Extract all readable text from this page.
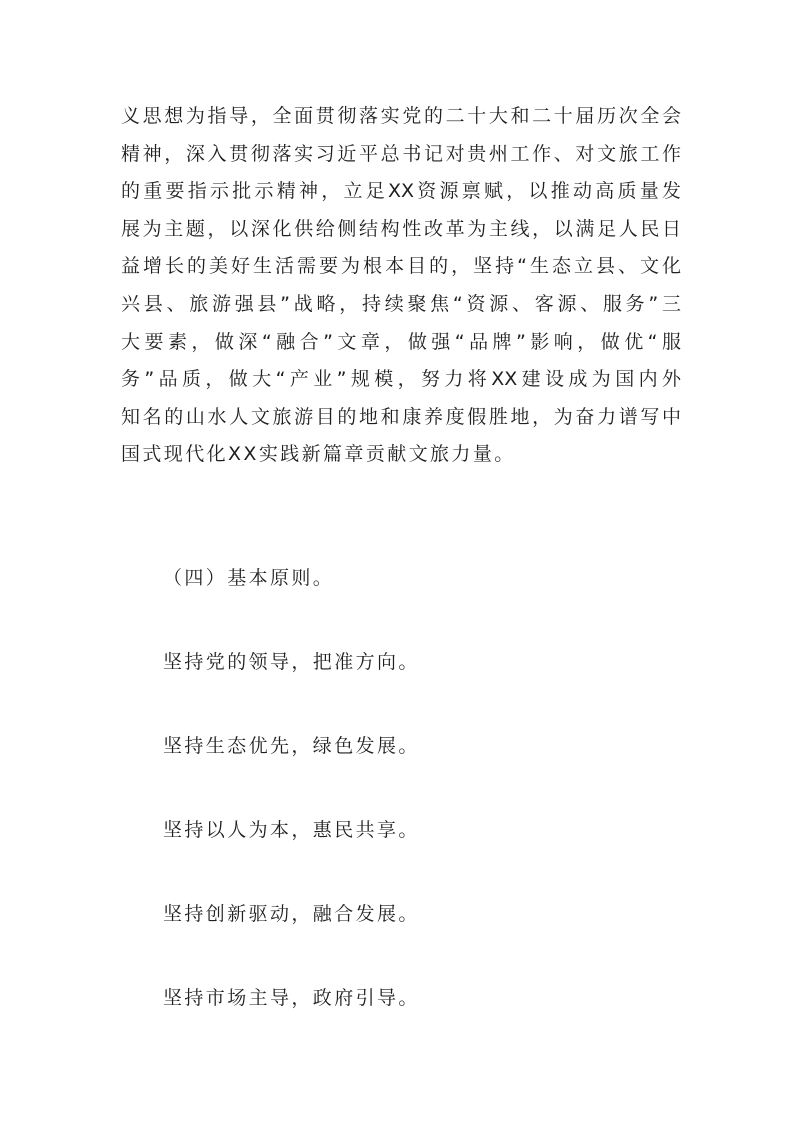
义思想为指导，全面贯彻落实党的二十大和二十届历次全会
精神，深入贯彻落实习近平总书记对贵州工作、对文旅工作
的重要指示批示精神，立足XX资源禀赋，以推动高质量发
展为主题，以深化供给侧结构性改革为主线，以满足人民日
益增长的美好生活需要为根本目的，坚持“生态立县、文化
兴县、旅游强县”战略，持续聚焦“资源、客源、服务”三
大要素，做深“融合”文章，做强“品牌”影响，做优“服
务”品质，做大“产业”规模，努力将XX建设成为国内外
知名的山水人文旅游目的地和康养度假胜地，为奋力谱写中
国式现代化XX实践新篇章贡献文旅力量。
（四）基本原则。
坚持党的领导，把准方向。
坚持生态优先，绿色发展。
坚持以人为本，惠民共享。
坚持创新驱动，融合发展。
坚持市场主导，政府引导。
